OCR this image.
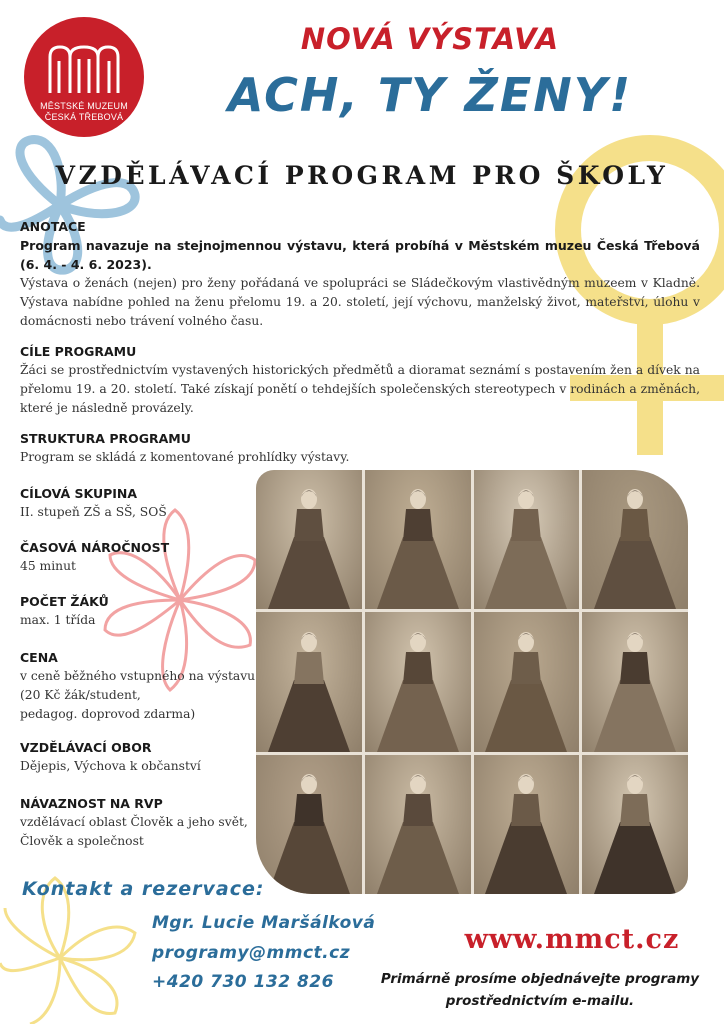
MĚSTSKÉ MUZEUM
ČESKÁ TŘEBOVÁ
NOVÁ VÝSTAVA
ACH, TY ŽENY!
VZDĚLÁVACÍ PROGRAM PRO ŠKOLY
ANOTACE
Program navazuje na stejnojmennou výstavu, která probíhá v Městském muzeu Česká Třebová (6. 4. - 4. 6. 2023).
Výstava o ženách (nejen) pro ženy pořádaná ve spolupráci se Sládečkovým vlastivědným muzeem v Kladně. Výstava nabídne pohled na ženu přelomu 19. a 20. století, její výchovu, manželský život, mateřství, úlohu v domácnosti nebo trávení volného času.
CÍLE PROGRAMU
Žáci se prostřednictvím vystavených historických předmětů a dioramat seznámí s postavením žen a dívek na přelomu 19. a 20. století. Také získají ponětí o tehdejších společenských stereotypech v rodinách a změnách, které je následně provázely.
STRUKTURA PROGRAMU
Program se skládá z komentované prohlídky výstavy.
CÍLOVÁ SKUPINA
II. stupeň ZŠ a SŠ, SOŠ
ČASOVÁ NÁROČNOST
45 minut
POČET ŽÁKŮ
max. 1 třída
CENA
v ceně běžného vstupného na výstavu
(20 Kč žák/student,
pedagog. doprovod zdarma)
VZDĚLÁVACÍ OBOR
Dějepis, Výchova k občanství
NÁVAZNOST NA RVP
vzdělávací oblast Člověk a jeho svět,
Člověk a společnost
Kontakt a rezervace:
Mgr. Lucie Maršálková
programy@mmct.cz
+420 730 132 826
www.mmct.cz
Primárně prosíme objednávejte programy
prostřednictvím e-mailu.
